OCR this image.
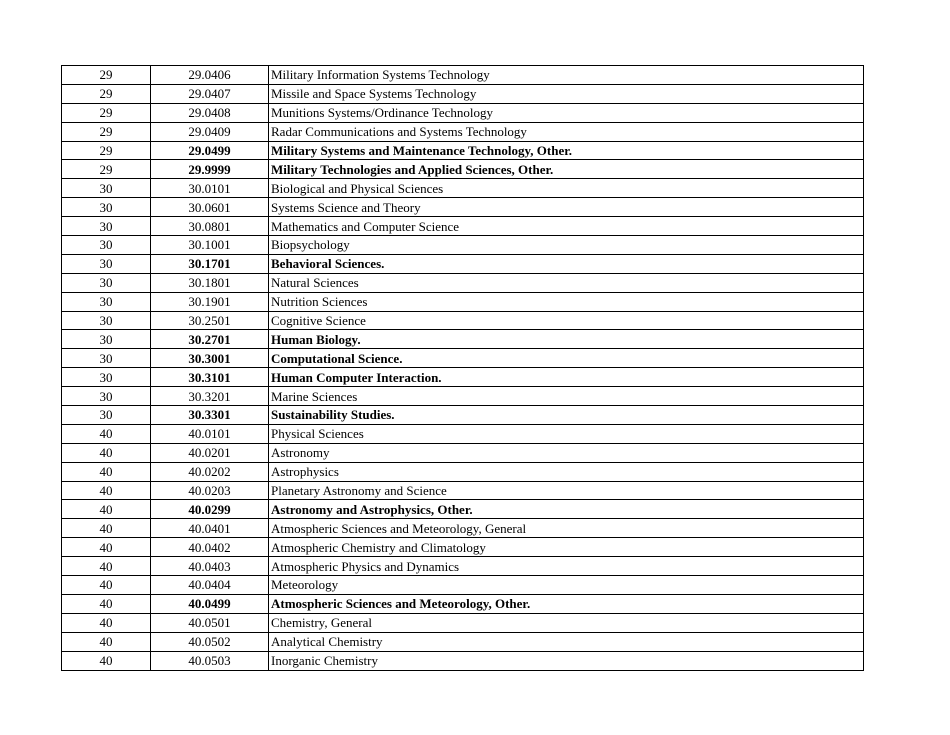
29	29.0406	Military Information Systems Technology
29	29.0407	Missile and Space Systems Technology
29	29.0408	Munitions Systems/Ordinance Technology
29	29.0409	Radar Communications and Systems Technology
29	29.0499	Military Systems and Maintenance Technology, Other.
29	29.9999	Military Technologies and Applied Sciences, Other.
30	30.0101	Biological and Physical Sciences
30	30.0601	Systems Science and Theory
30	30.0801	Mathematics and Computer Science
30	30.1001	Biopsychology
30	30.1701	Behavioral Sciences.
30	30.1801	Natural Sciences
30	30.1901	Nutrition Sciences
30	30.2501	Cognitive Science
30	30.2701	Human Biology.
30	30.3001	Computational Science.
30	30.3101	Human Computer Interaction.
30	30.3201	Marine Sciences
30	30.3301	Sustainability Studies.
40	40.0101	Physical Sciences
40	40.0201	Astronomy
40	40.0202	Astrophysics
40	40.0203	Planetary Astronomy and Science
40	40.0299	Astronomy and Astrophysics, Other.
40	40.0401	Atmospheric Sciences and Meteorology, General
40	40.0402	Atmospheric Chemistry and Climatology
40	40.0403	Atmospheric Physics and Dynamics
40	40.0404	Meteorology
40	40.0499	Atmospheric Sciences and Meteorology, Other.
40	40.0501	Chemistry, General
40	40.0502	Analytical Chemistry
40	40.0503	Inorganic Chemistry
